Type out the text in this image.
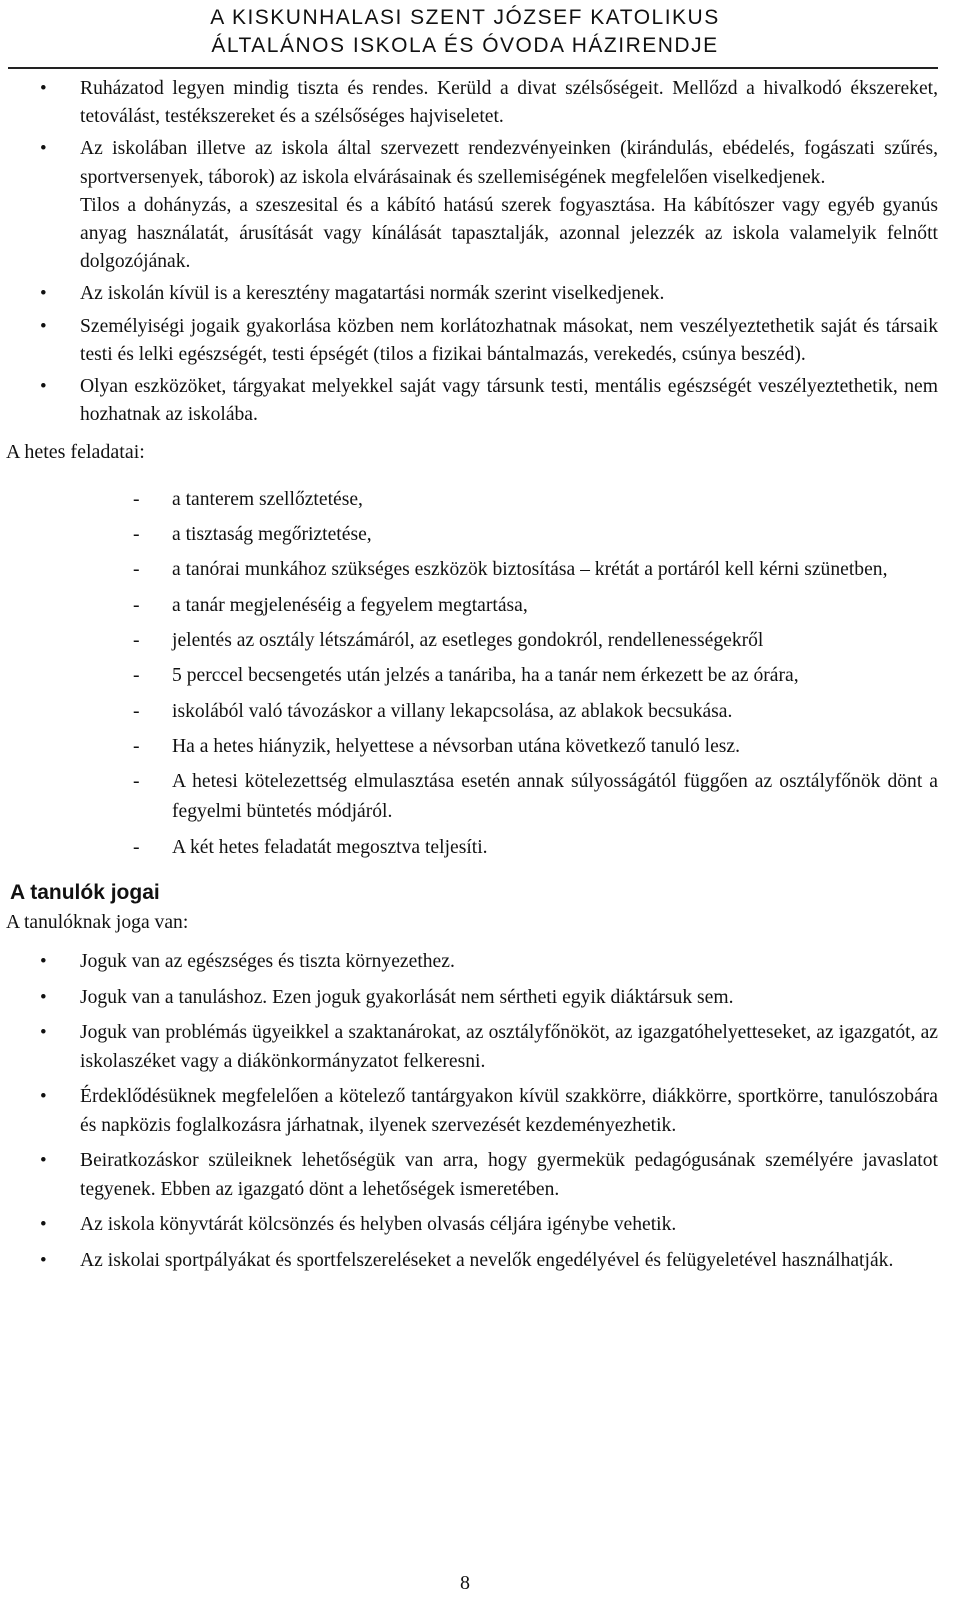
A KISKUNHALASI SZENT JÓZSEF KATOLIKUS
ÁLTALÁNOS ISKOLA ÉS ÓVODA HÁZIRENDJE
• Ruházatod legyen mindig tiszta és rendes. Kerüld a divat szélsőségeit. Mellőzd a hivalkodó ékszereket, tetoválást, testékszereket és a szélsőséges hajviseletet.
• Az iskolában illetve az iskola által szervezett rendezvényeinken (kirándulás, ebédelés, fogászati szűrés, sportversenyek, táborok) az iskola elvárásainak és szellemiségének megfelelően viselkedjenek.
Tilos a dohányzás, a szeszesital és a kábító hatású szerek fogyasztása. Ha kábítószer vagy egyéb gyanús anyag használatát, árusítását vagy kínálását tapasztalják, azonnal jelezzék az iskola valamelyik felnőtt dolgozójának.
• Az iskolán kívül is a keresztény magatartási normák szerint viselkedjenek.
• Személyiségi jogaik gyakorlása közben nem korlátozhatnak másokat, nem veszélyeztethetik saját és társaik testi és lelki egészségét, testi épségét (tilos a fizikai bántalmazás, verekedés, csúnya beszéd).
• Olyan eszközöket, tárgyakat melyekkel saját vagy társunk testi, mentális egészségét veszélyeztethetik, nem hozhatnak az iskolába.
A hetes feladatai:
- a tanterem szellőztetése,
- a tisztaság megőriztetése,
- a tanórai munkához szükséges eszközök biztosítása – krétát a portáról kell kérni szünetben,
- a tanár megjelenéséig a fegyelem megtartása,
- jelentés az osztály létszámáról, az esetleges gondokról, rendellenességekről
- 5 perccel becsengetés után jelzés a tanáriba, ha a tanár nem érkezett be az órára,
- iskolából való távozáskor a villany lekapcsolása, az ablakok becsukása.
- Ha a hetes hiányzik, helyettese a névsorban utána következő tanuló lesz.
- A hetesi kötelezettség elmulasztása esetén annak súlyosságától függően az osztályfőnök dönt a fegyelmi büntetés módjáról.
- A két hetes feladatát megosztva teljesíti.
A tanulók jogai
A tanulóknak joga van:
• Joguk van az egészséges és tiszta környezethez.
• Joguk van a tanuláshoz. Ezen joguk gyakorlását nem sértheti egyik diáktársuk sem.
• Joguk van problémás ügyeikkel a szaktanárokat, az osztályfőnököt, az igazgatóhelyetteseket, az igazgatót, az iskolaszéket vagy a diákönkormányzatot felkeresni.
• Érdeklődésüknek megfelelően a kötelező tantárgyakon kívül szakkörre, diákkörre, sportkörre, tanulószobára és napközis foglalkozásra járhatnak, ilyenek szervezését kezdeményezhetik.
• Beiratkozáskor szüleiknek lehetőségük van arra, hogy gyermekük pedagógusának személyére javaslatot tegyenek. Ebben az igazgató dönt a lehetőségek ismeretében.
• Az iskola könyvtárát kölcsönzés és helyben olvasás céljára igénybe vehetik.
• Az iskolai sportpályákat és sportfelszereléseket a nevelők engedélyével és felügyeletével használhatják.
8
